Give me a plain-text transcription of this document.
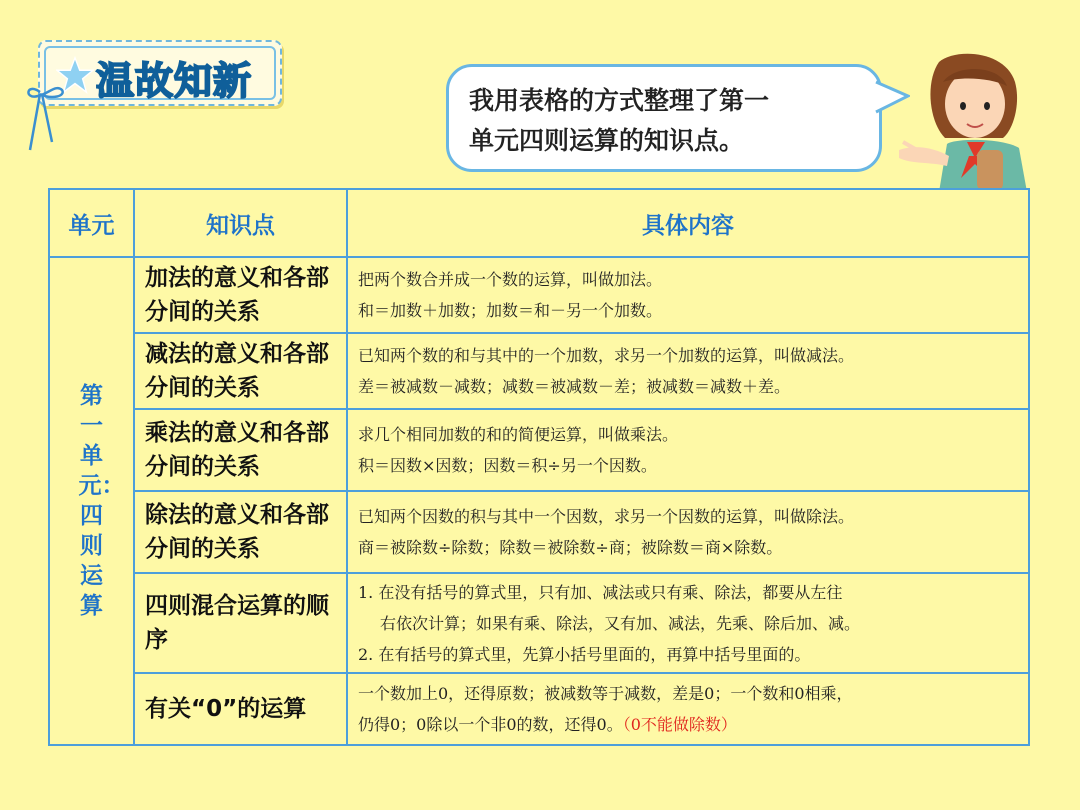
温故知新	我用表格的方式整理了第一
单元四则运算的知识点。
单元	知识点	具体内容
第一单元：四则运算	加法的意义和各部分间的关系	把两个数合并成一个数的运算，叫做加法。
和＝加数＋加数；加数＝和－另一个加数。

	减法的意义和各部分间的关系	已知两个数的和与其中的一个加数，求另一个加数的运算，叫做减法。
差＝被减数－减数；减数＝被减数－差；被减数＝减数＋差。

	乘法的意义和各部分间的关系	求几个相同加数的和的简便运算，叫做乘法。
积＝因数×因数；因数＝积÷另一个因数。

	除法的意义和各部分间的关系	已知两个因数的积与其中一个因数，求另一个因数的运算，叫做除法。
商＝被除数÷除数；除数＝被除数÷商；被除数＝商×除数。

	四则混合运算的顺序	1. 在没有括号的算式里，只有加、减法或只有乘、除法，都要从左往
右依次计算；如果有乘、除法，又有加、减法，先乘、除后加、减。
2. 在有括号的算式里，先算小括号里面的，再算中括号里面的。

	有关“0”的运算	一个数加上0，还得原数；被减数等于减数，差是0；一个数和0相乘，
仍得0；0除以一个非0的数，还得0。（0不能做除数）
